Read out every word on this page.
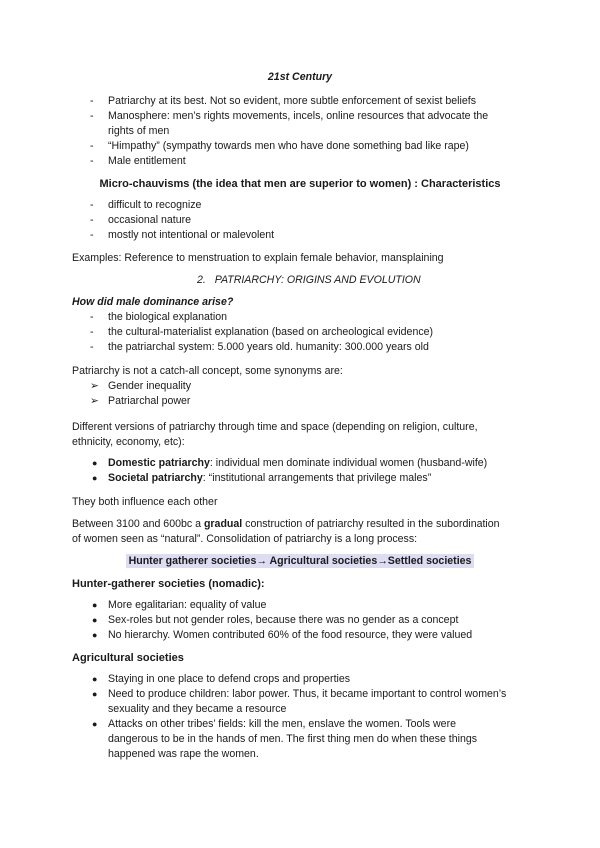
21st Century
- Patriarchy at its best. Not so evident, more subtle enforcement of sexist beliefs
- Manosphere: men’s rights movements, incels, online resources that advocate the
rights of men
- “Himpathy” (sympathy towards men who have done something bad like rape)
- Male entitlement
Micro-chauvisms (the idea that men are superior to women) : Characteristics
- difficult to recognize
- occasional nature
- mostly not intentional or malevolent
Examples: Reference to menstruation to explain female behavior, mansplaining
2. PATRIARCHY: ORIGINS AND EVOLUTION
How did male dominance arise?
- the biological explanation
- the cultural-materialist explanation (based on archeological evidence)
- the patriarchal system: 5.000 years old. humanity: 300.000 years old
Patriarchy is not a catch-all concept, some synonyms are:
➢ Gender inequality
➢ Patriarchal power
Different versions of patriarchy through time and space (depending on religion, culture,
ethnicity, economy, etc):
● Domestic patriarchy: individual men dominate individual women (husband-wife)
● Societal patriarchy: “institutional arrangements that privilege males”
They both influence each other
Between 3100 and 600bc a gradual construction of patriarchy resulted in the subordination
of women seen as “natural”. Consolidation of patriarchy is a long process:
Hunter gatherer societies→ Agricultural societies→Settled societies
Hunter-gatherer societies (nomadic):
● More egalitarian: equality of value
● Sex-roles but not gender roles, because there was no gender as a concept
● No hierarchy. Women contributed 60% of the food resource, they were valued
Agricultural societies
● Staying in one place to defend crops and properties
● Need to produce children: labor power. Thus, it became important to control women’s
sexuality and they became a resource
● Attacks on other tribes’ fields: kill the men, enslave the women. Tools were
dangerous to be in the hands of men. The first thing men do when these things
happened was rape the women.
